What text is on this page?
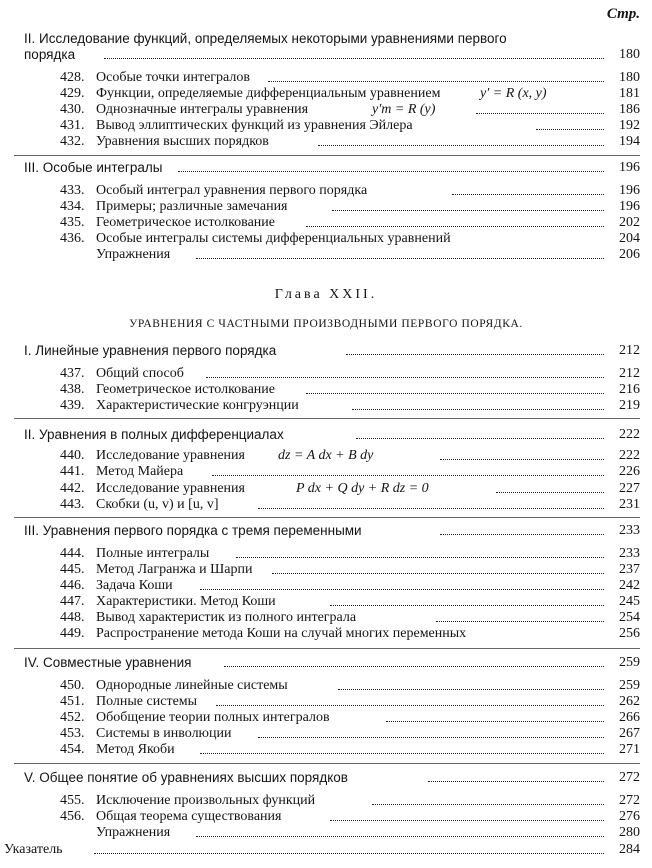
Стр.
II. Исследование функций, определяемых некоторыми уравнениями первого
порядка	180
428. Особые точки интегралов	180
429. Функции, определяемые дифференциальным уравнением	y′ = R (x, y)	181
430. Однозначные интегралы уравнения	y′m = R (y)	186
431. Вывод эллиптических функций из уравнения Эйлера	192
432. Уравнения высших порядков	194
III. Особые интегралы	196
433. Особый интеграл уравнения первого порядка	196
434. Примеры; различные замечания	196
435. Геометрическое истолкование	202
436. Особые интегралы системы дифференциальных уравнений	204
Упражнения	206
Глава XXII.
УРАВНЕНИЯ С ЧАСТНЫМИ ПРОИЗВОДНЫМИ ПЕРВОГО ПОРЯДКА.
I. Линейные уравнения первого порядка	212
437. Общий способ	212
438. Геометрическое истолкование	216
439. Характеристические конгруэнции	219
II. Уравнения в полных дифференциалах	222
440. Исследование уравнения dz = A dx + B dy	222
441. Метод Майера	226
442. Исследование уравнения	P dx + Q dy + R dz = 0	227
443. Скобки (u, v) и [u, v]	231
III. Уравнения первого порядка с тремя переменными	233
444. Полные интегралы	233
445. Метод Лагранжа и Шарпи	237
446. Задача Коши	242
447. Характеристики. Метод Коши	245
448. Вывод характеристик из полного интеграла	254
449. Распространение метода Коши на случай многих переменных	256
IV. Совместные уравнения	259
450. Однородные линейные системы	259
451. Полные системы	262
452. Обобщение теории полных интегралов	266
453. Системы в инволюции	267
454. Метод Якоби	271
V. Общее понятие об уравнениях высших порядков	272
455. Исключение произвольных функций	272
456. Общая теорема существования	276
Упражнения	280
Указатель	284
